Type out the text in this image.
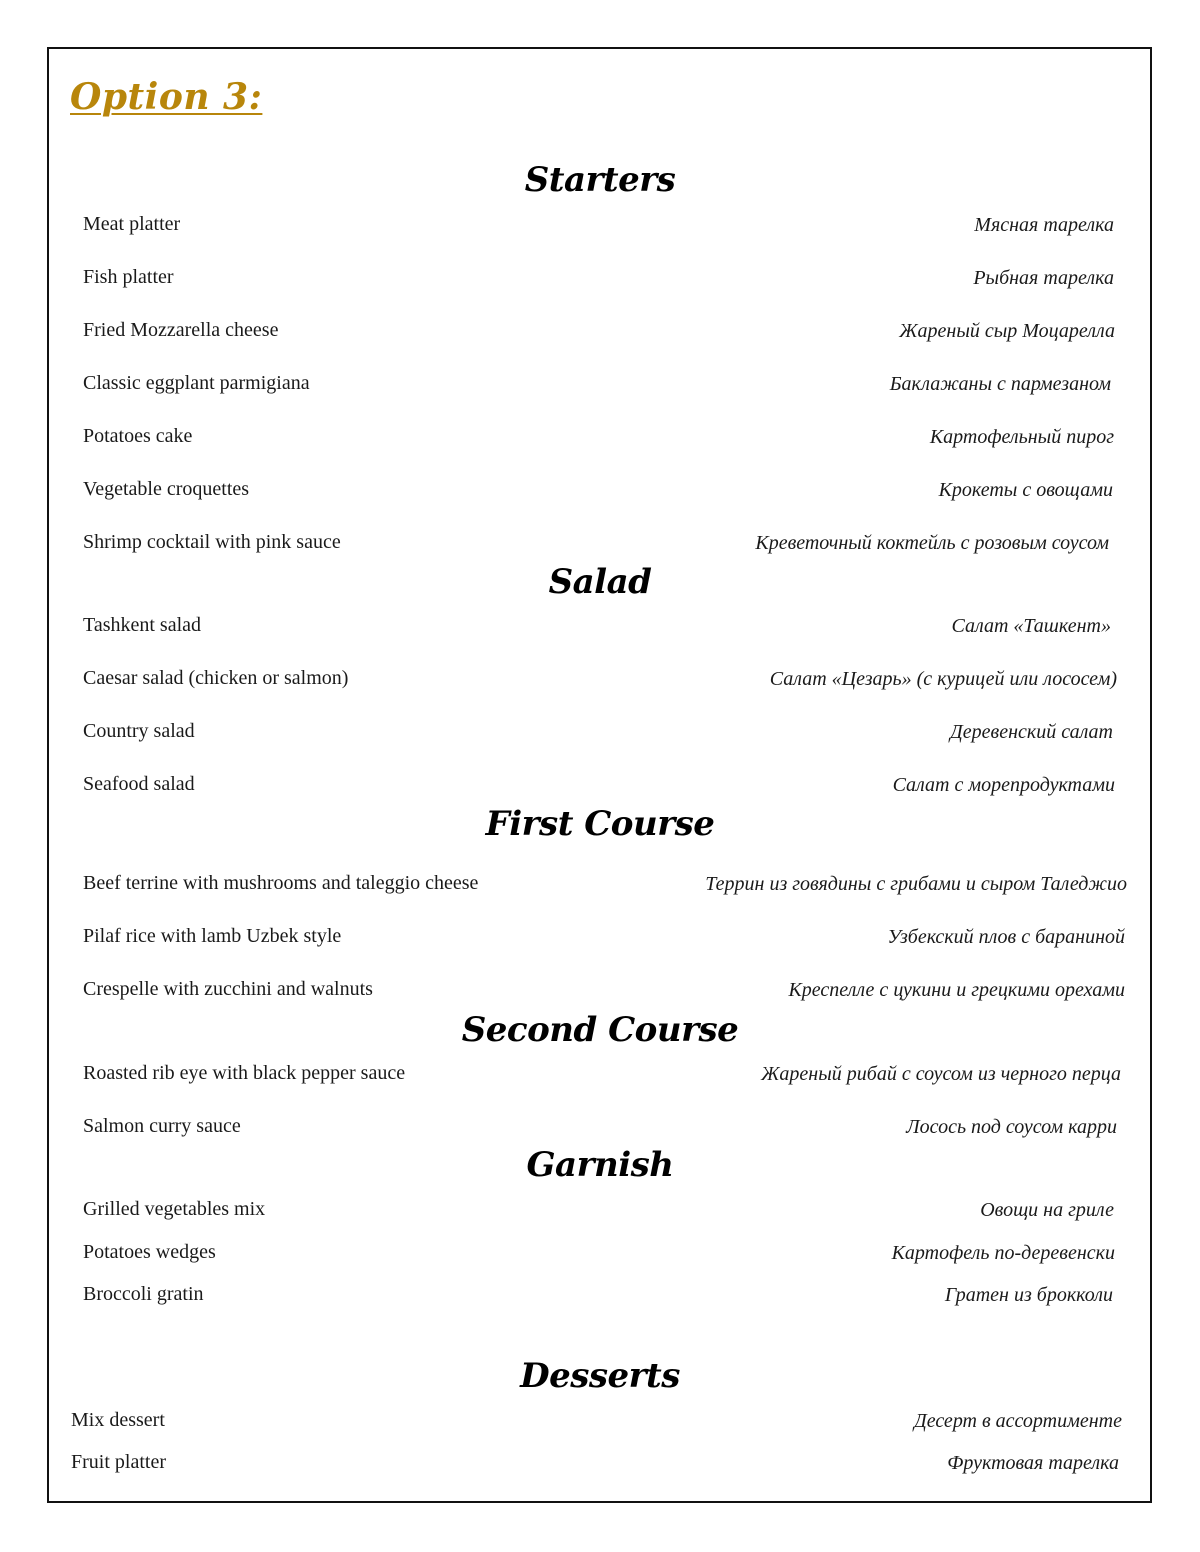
Option 3:
Starters
Meat platter	Мясная тарелка
Fish platter	Рыбная тарелка
Fried Mozzarella cheese	Жареный сыр Моцарелла
Classic eggplant parmigiana	Баклажаны с пармезаном
Potatoes cake	Картофельный пирог
Vegetable croquettes	Крокеты с овощами
Shrimp cocktail with pink sauce	Креветочный коктейль с розовым соусом
Salad
Tashkent salad	Салат «Ташкент»
Caesar salad (chicken or salmon)	Салат «Цезарь» (с курицей или лососем)
Country salad	Деревенский салат
Seafood salad	Салат с морепродуктами
First Course
Beef terrine with mushrooms and taleggio cheese	Террин из говядины с грибами и сыром Таледжио
Pilaf rice with lamb Uzbek style	Узбекский плов с бараниной
Crespelle with zucchini and walnuts	Креспелле с цукини и грецкими орехами
Second Course
Roasted rib eye with black pepper sauce	Жареный рибай с соусом из черного перца
Salmon curry sauce	Лосось под соусом карри
Garnish
Grilled vegetables mix	Овощи на гриле
Potatoes wedges	Картофель по-деревенски
Broccoli gratin	Гратен из брокколи
Desserts
Mix dessert	Десерт в ассортименте
Fruit platter	Фруктовая тарелка
